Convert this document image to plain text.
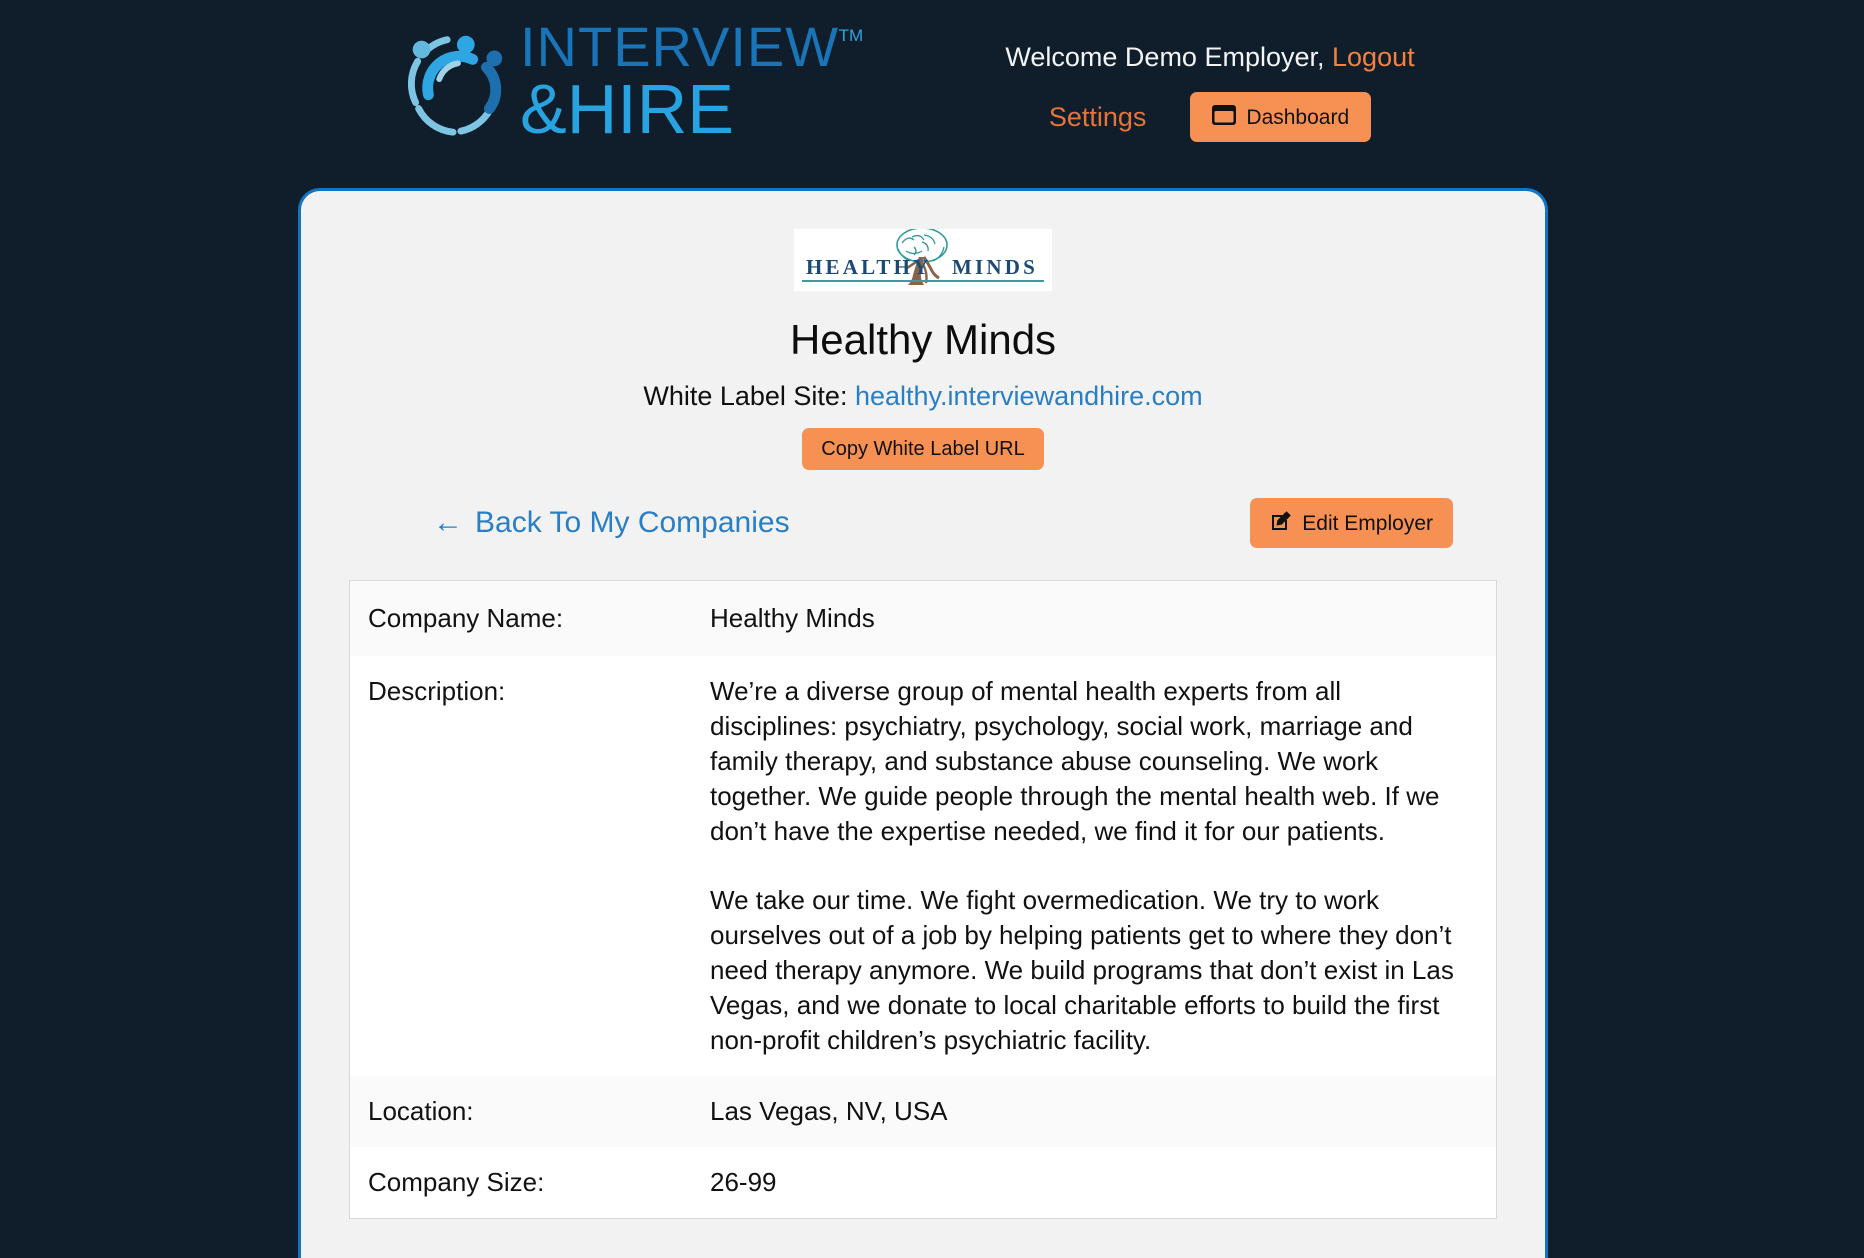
INTERVIEW TM
&HIRE
Welcome Demo Employer, Logout
Settings	Dashboard
HEALTHY MINDS
Healthy Minds
White Label Site: healthy.interviewandhire.com
Copy White Label URL
← Back To My Companies	Edit Employer
Company Name:	Healthy Minds
Description:	We’re a diverse group of mental health experts from all disciplines: psychiatry, psychology, social work, marriage and family therapy, and substance abuse counseling. We work together. We guide people through the mental health web. If we don’t have the expertise needed, we find it for our patients.

We take our time. We fight overmedication. We try to work ourselves out of a job by helping patients get to where they don’t need therapy anymore. We build programs that don’t exist in Las Vegas, and we donate to local charitable efforts to build the first non-profit children’s psychiatric facility.

Location:	Las Vegas, NV, USA
Company Size:	26-99
